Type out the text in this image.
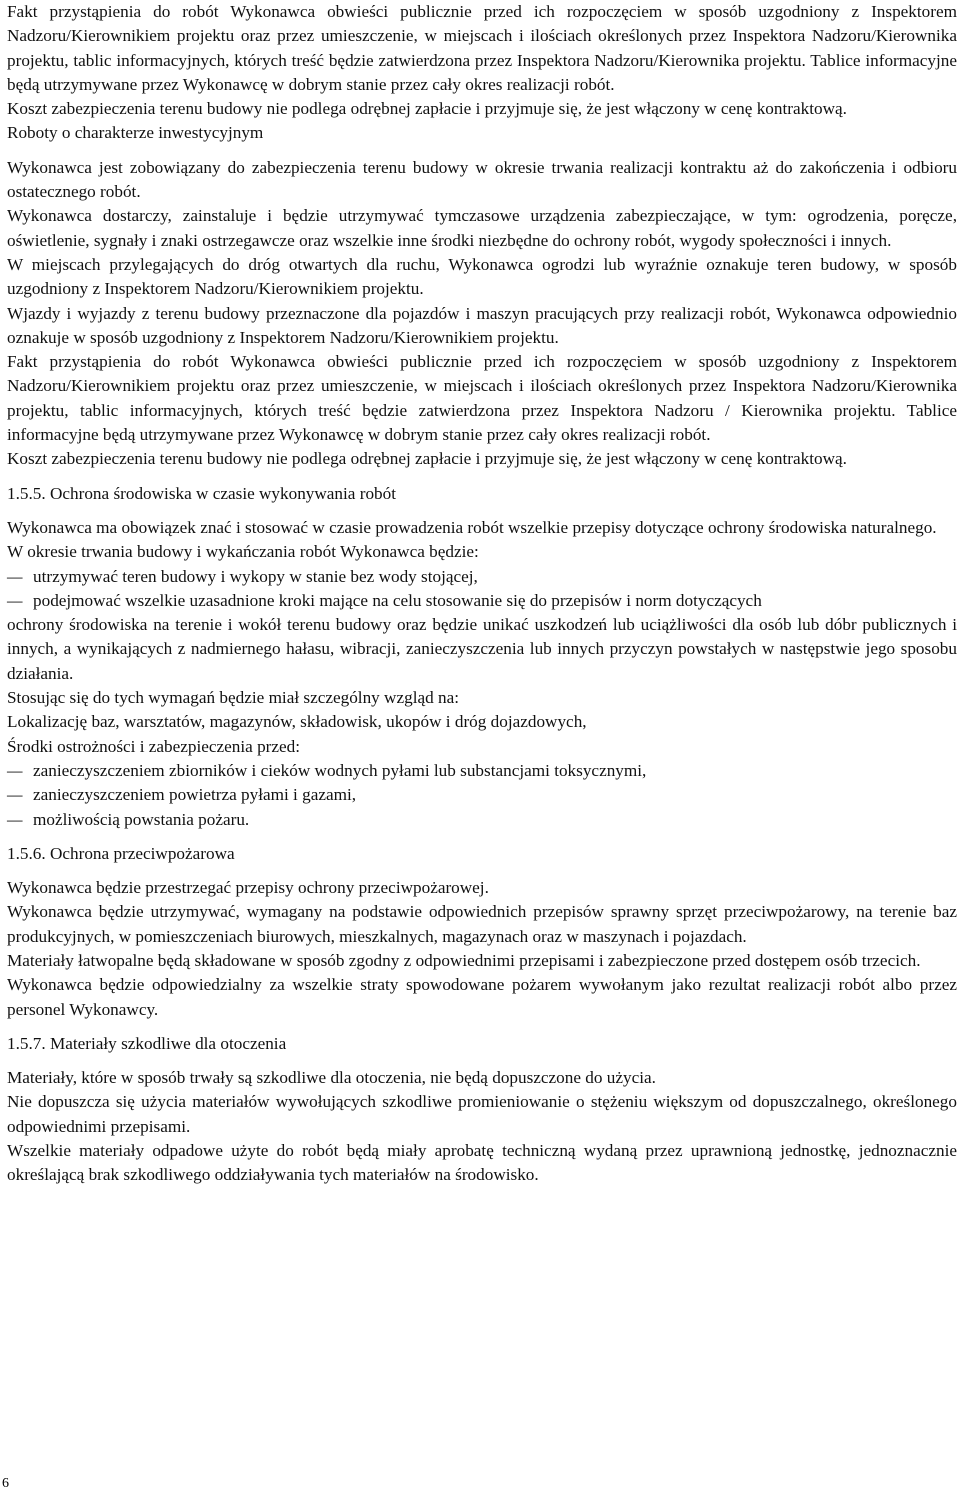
Fakt przystąpienia do robót Wykonawca obwieści publicznie przed ich rozpoczęciem w sposób uzgodniony z Inspektorem Nadzoru/Kierownikiem projektu oraz przez umieszczenie, w miejscach i ilościach określonych przez Inspektora Nadzoru/Kierownika projektu, tablic informacyjnych, których treść będzie zatwierdzona przez Inspektora Nadzoru/Kierownika projektu. Tablice informacyjne będą utrzymywane przez Wykonawcę w dobrym stanie przez cały okres realizacji robót.

Koszt zabezpieczenia terenu budowy nie podlega odrębnej zapłacie i przyjmuje się, że jest włączony w cenę kontraktową.

Roboty o charakterze inwestycyjnym

Wykonawca jest zobowiązany do zabezpieczenia terenu budowy w okresie trwania realizacji kontraktu aż do zakończenia i odbioru ostatecznego robót.

Wykonawca dostarczy, zainstaluje i będzie utrzymywać tymczasowe urządzenia zabezpieczające, w tym: ogrodzenia, poręcze, oświetlenie, sygnały i znaki ostrzegawcze oraz wszelkie inne środki niezbędne do ochrony robót, wygody społeczności i innych.

W miejscach przylegających do dróg otwartych dla ruchu, Wykonawca ogrodzi lub wyraźnie oznakuje teren budowy, w sposób uzgodniony z Inspektorem Nadzoru/Kierownikiem projektu.

Wjazdy i wyjazdy z terenu budowy przeznaczone dla pojazdów i maszyn pracujących przy realizacji robót, Wykonawca odpowiednio oznakuje w sposób uzgodniony z Inspektorem Nadzoru/Kierownikiem projektu.

Fakt przystąpienia do robót Wykonawca obwieści publicznie przed ich rozpoczęciem w sposób uzgodniony z Inspektorem Nadzoru/Kierownikiem projektu oraz przez umieszczenie, w miejscach i ilościach określonych przez Inspektora Nadzoru/Kierownika projektu, tablic informacyjnych, których treść będzie zatwierdzona przez Inspektora Nadzoru / Kierownika projektu. Tablice informacyjne będą utrzymywane przez Wykonawcę w dobrym stanie przez cały okres realizacji robót.

Koszt zabezpieczenia terenu budowy nie podlega odrębnej zapłacie i przyjmuje się, że jest włączony w cenę kontraktową.

1.5.5. Ochrona środowiska w czasie wykonywania robót

Wykonawca ma obowiązek znać i stosować w czasie prowadzenia robót wszelkie przepisy dotyczące ochrony środowiska naturalnego.

W okresie trwania budowy i wykańczania robót Wykonawca będzie:

—
utrzymywać teren budowy i wykopy w stanie bez wody stojącej,
—
podejmować wszelkie uzasadnione kroki mające na celu stosowanie się do przepisów i norm dotyczących

ochrony środowiska na terenie i wokół terenu budowy oraz będzie unikać uszkodzeń lub uciążliwości dla osób lub dóbr publicznych i innych, a wynikających z nadmiernego hałasu, wibracji, zanieczyszczenia lub innych przyczyn powstałych w następstwie jego sposobu działania.

Stosując się do tych wymagań będzie miał szczególny wzgląd na:

Lokalizację baz, warsztatów, magazynów, składowisk, ukopów i dróg dojazdowych,

Środki ostrożności i zabezpieczenia przed:

—
zanieczyszczeniem zbiorników i cieków wodnych pyłami lub substancjami toksycznymi,
—
zanieczyszczeniem powietrza pyłami i gazami,
—
możliwością powstania pożaru.

1.5.6. Ochrona przeciwpożarowa

Wykonawca będzie przestrzegać przepisy ochrony przeciwpożarowej.

Wykonawca będzie utrzymywać, wymagany na podstawie odpowiednich przepisów sprawny sprzęt przeciwpożarowy, na terenie baz produkcyjnych, w pomieszczeniach biurowych, mieszkalnych, magazynach oraz w maszynach i pojazdach.

Materiały łatwopalne będą składowane w sposób zgodny z odpowiednimi przepisami i zabezpieczone przed dostępem osób trzecich.

Wykonawca będzie odpowiedzialny za wszelkie straty spowodowane pożarem wywołanym jako rezultat realizacji robót albo przez personel Wykonawcy.

1.5.7. Materiały szkodliwe dla otoczenia

Materiały, które w sposób trwały są szkodliwe dla otoczenia, nie będą dopuszczone do użycia.

Nie dopuszcza się użycia materiałów wywołujących szkodliwe promieniowanie o stężeniu większym od dopuszczalnego, określonego odpowiednimi przepisami.

Wszelkie materiały odpadowe użyte do robót będą miały aprobatę techniczną wydaną przez uprawnioną jednostkę, jednoznacznie określającą brak szkodliwego oddziaływania tych materiałów na środowisko.

6
